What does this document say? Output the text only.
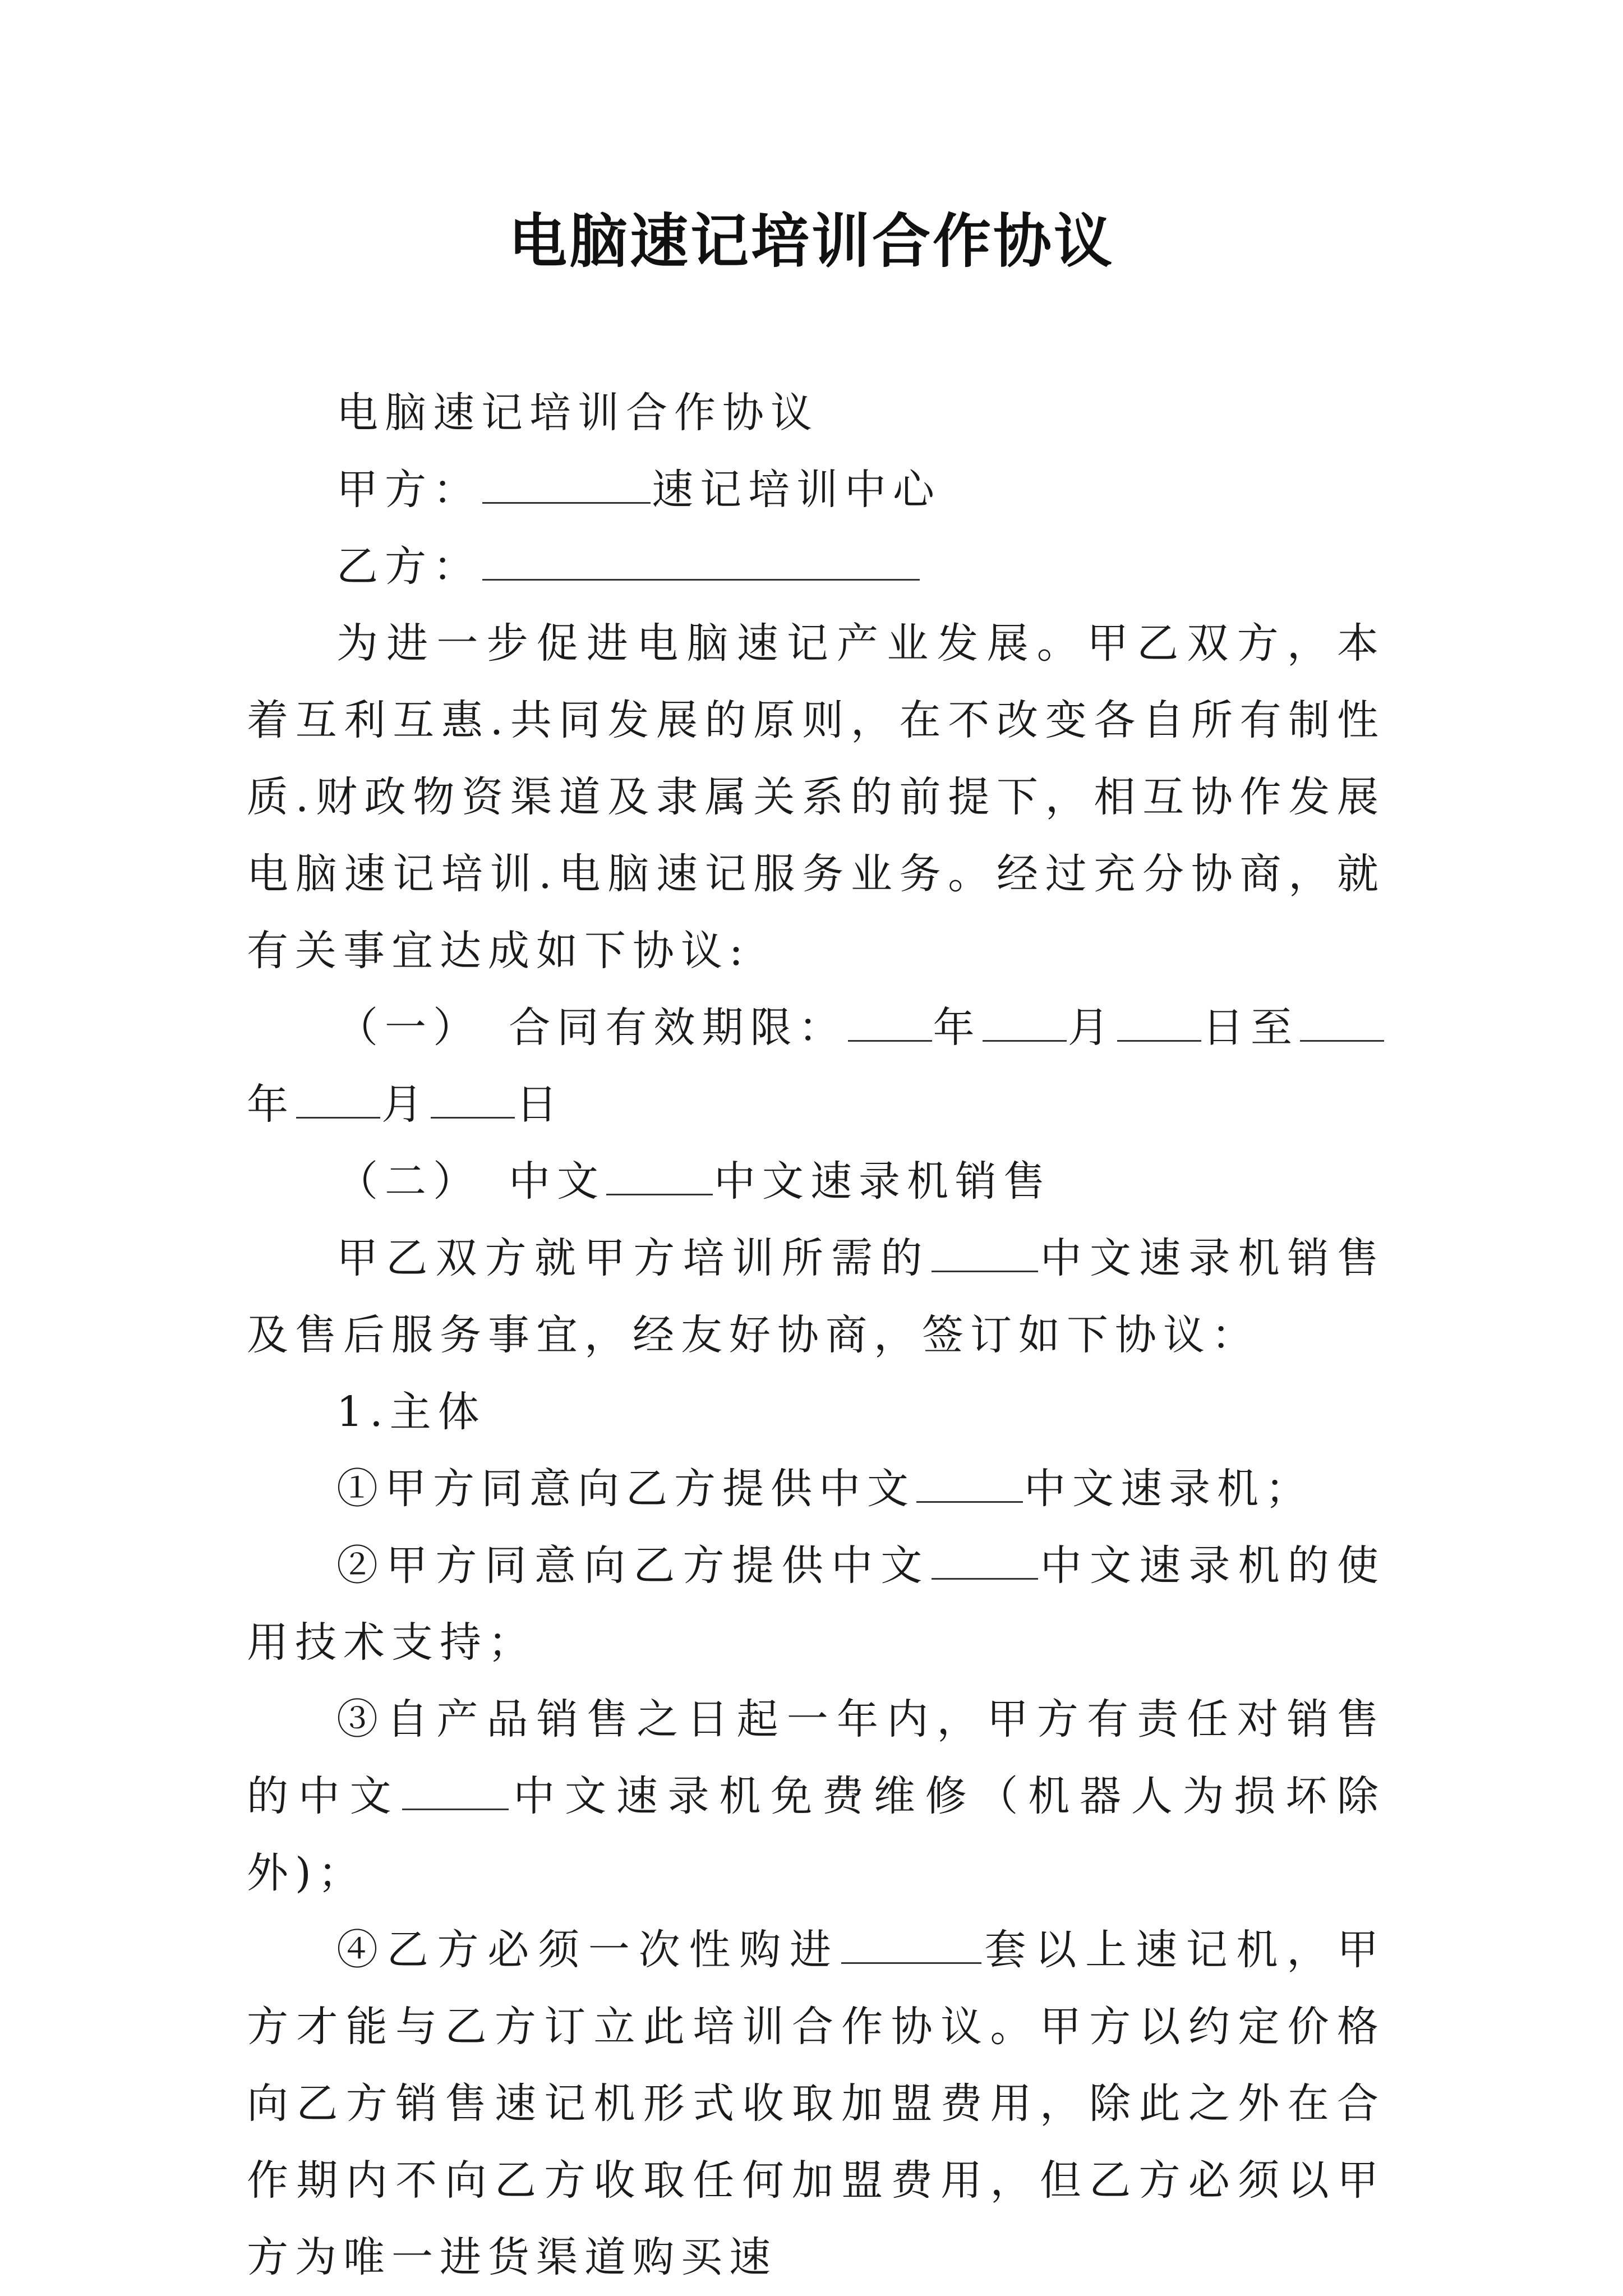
电脑速记培训合作协议

电脑速记培训合作协议

甲方：	速记培训中心

乙方：

为进一步促进电脑速记产业发展。甲乙双方，本着互利互惠.共同发展的原则，在不改变各自所有制性质.财政物资渠道及隶属关系的前提下，相互协作发展电脑速记培训.电脑速记服务业务。经过充分协商，就有关事宜达成如下协议:

（一）　合同有效期限： 年 月 日至年 月 日

（二）　中文	中文速录机销售

甲乙双方就甲方培训所需的	中文速录机销售及售后服务事宜，经友好协商，签订如下协议：

1.主体

①甲方同意向乙方提供中文	中文速录机；

②甲方同意向乙方提供中文	中文速录机的使用技术支持；

③自产品销售之日起一年内，甲方有责任对销售的中文	中文速录机免费维修（机器人为损坏除外)；

④乙方必须一次性购进	套以上速记机，甲方才能与乙方订立此培训合作协议。甲方以约定价格向乙方销售速记机形式收取加盟费用，除此之外在合作期内不向乙方收取任何加盟费用，但乙方必须以甲方为唯一进货渠道购买速
